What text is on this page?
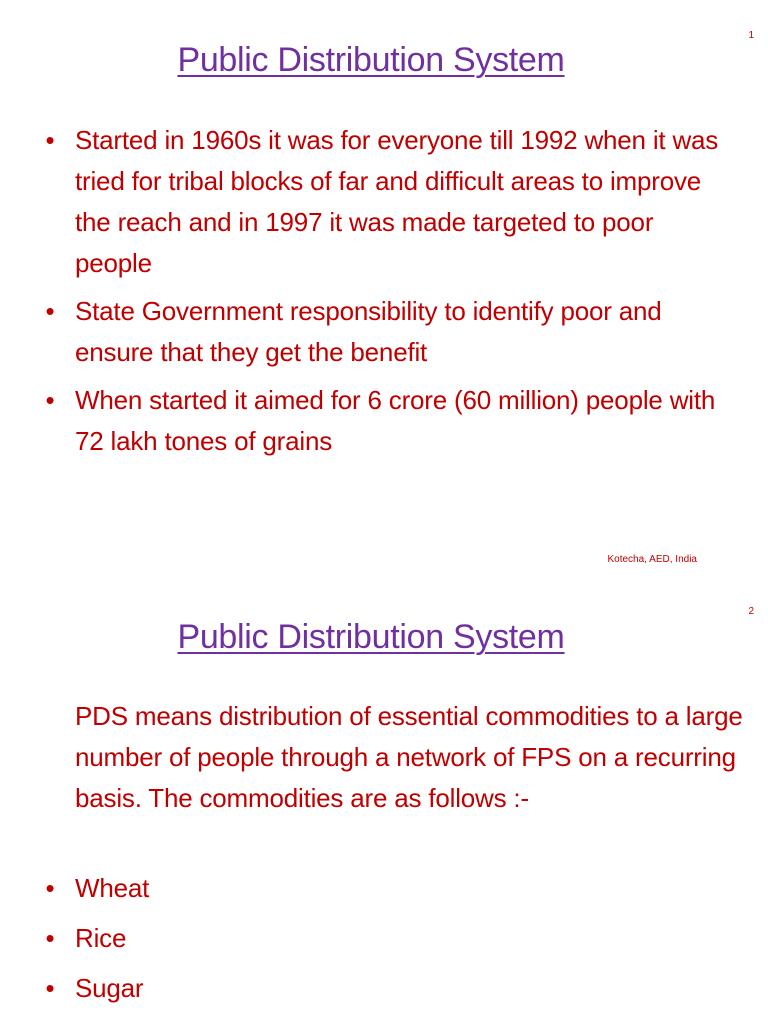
1
Public Distribution System
• Started in 1960s it was for everyone till 1992 when it was tried for tribal blocks of far and difficult areas to improve the reach and in 1997 it was made targeted to poor people
• State Government responsibility to identify poor and ensure that they get the benefit
• When started it aimed for 6 crore (60 million) people with 72 lakh tones of grains
Kotecha, AED, India
2
Public Distribution System

PDS means distribution of essential commodities to a large number of people through a network of FPS on a recurring basis. The commodities are as follows :-

• Wheat
• Rice
• Sugar
